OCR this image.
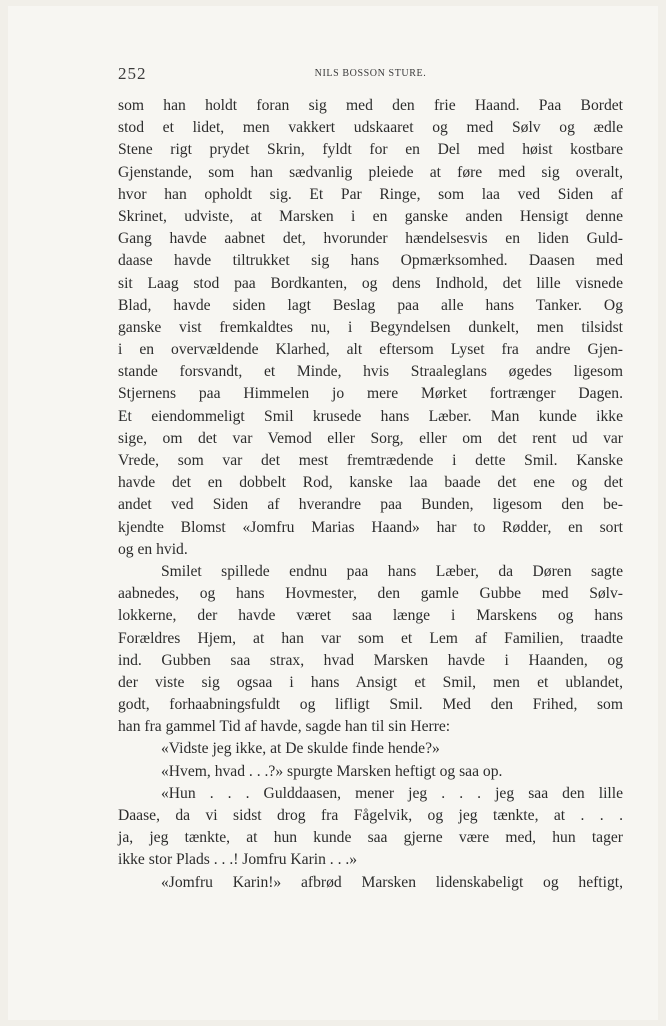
252	NILS BOSSON STURE.
som han holdt foran sig med den frie Haand. Paa Bordet
stod et lidet, men vakkert udskaaret og med Sølv og ædle
Stene rigt prydet Skrin, fyldt for en Del med høist kostbare
Gjenstande, som han sædvanlig pleiede at føre med sig overalt,
hvor han opholdt sig. Et Par Ringe, som laa ved Siden af
Skrinet, udviste, at Marsken i en ganske anden Hensigt denne
Gang havde aabnet det, hvorunder hændelsesvis en liden Guld-
daase havde tiltrukket sig hans Opmærksomhed. Daasen med
sit Laag stod paa Bordkanten, og dens Indhold, det lille visnede
Blad, havde siden lagt Beslag paa alle hans Tanker. Og
ganske vist fremkaldtes nu, i Begyndelsen dunkelt, men tilsidst
i en overvældende Klarhed, alt eftersom Lyset fra andre Gjen-
stande forsvandt, et Minde, hvis Straaleglans øgedes ligesom
Stjernens paa Himmelen jo mere Mørket fortrænger Dagen.
Et eiendommeligt Smil krusede hans Læber. Man kunde ikke
sige, om det var Vemod eller Sorg, eller om det rent ud var
Vrede, som var det mest fremtrædende i dette Smil. Kanske
havde det en dobbelt Rod, kanske laa baade det ene og det
andet ved Siden af hverandre paa Bunden, ligesom den be-
kjendte Blomst «Jomfru Marias Haand» har to Rødder, en sort
og en hvid.
Smilet spillede endnu paa hans Læber, da Døren sagte
aabnedes, og hans Hovmester, den gamle Gubbe med Sølv-
lokkerne, der havde været saa længe i Marskens og hans
Forældres Hjem, at han var som et Lem af Familien, traadte
ind. Gubben saa strax, hvad Marsken havde i Haanden, og
der viste sig ogsaa i hans Ansigt et Smil, men et ublandet,
godt, forhaabningsfuldt og lifligt Smil. Med den Frihed, som
han fra gammel Tid af havde, sagde han til sin Herre:
«Vidste jeg ikke, at De skulde finde hende?»
«Hvem, hvad . . .?» spurgte Marsken heftigt og saa op.
«Hun . . . Gulddaasen, mener jeg . . . jeg saa den lille
Daase, da vi sidst drog fra Fågelvik, og jeg tænkte, at . . .
ja, jeg tænkte, at hun kunde saa gjerne være med, hun tager
ikke stor Plads . . .! Jomfru Karin . . .»
«Jomfru Karin!» afbrød Marsken lidenskabeligt og heftigt,
